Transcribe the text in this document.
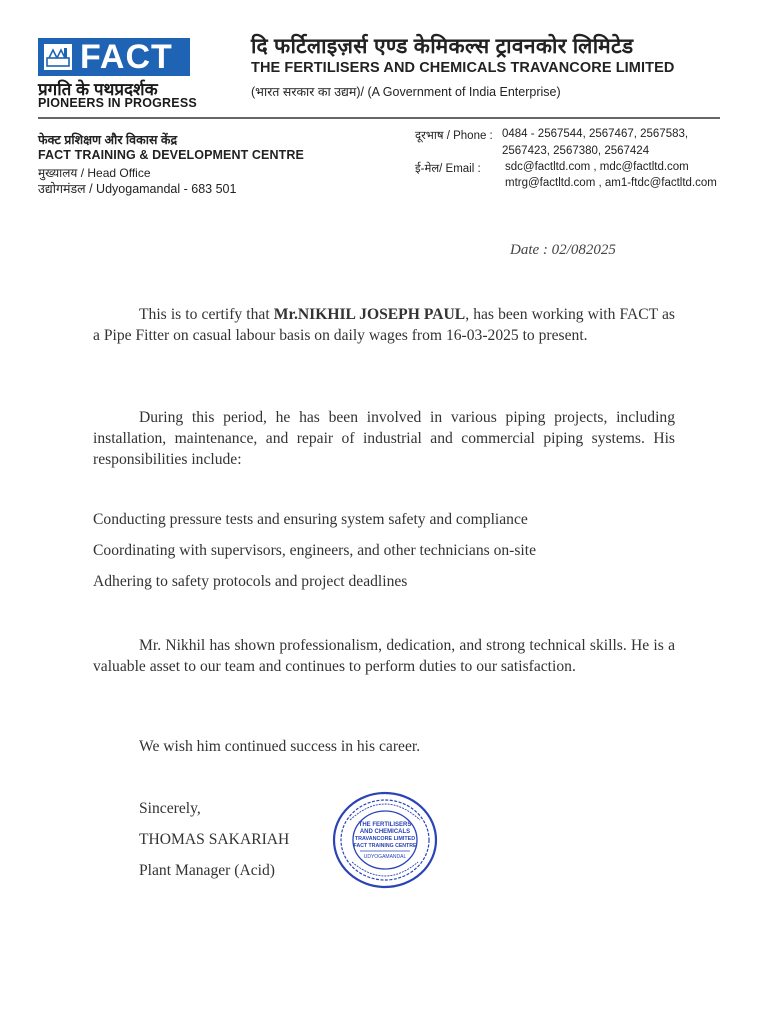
FACT
प्रगति के पथप्रदर्शक
PIONEERS IN PROGRESS
दि फर्टिलाइज़र्स एण्ड केमिकल्स ट्रावनकोर लिमिटेड
THE FERTILISERS AND CHEMICALS TRAVANCORE LIMITED
(भारत सरकार का उद्यम)/ (A Government of India Enterprise)
फेक्ट प्रशिक्षण और विकास केंद्र
FACT TRAINING & DEVELOPMENT CENTRE
मुख्यालय / Head Office
उद्योगमंडल / Udyogamandal - 683 501
दूरभाष / Phone : 0484 - 2567544, 2567467, 2567583,
2567423, 2567380, 2567424
ई-मेल/ Email : sdc@factltd.com , mdc@factltd.com
mtrg@factltd.com , am1-ftdc@factltd.com
Date : 02/082025
This is to certify that Mr.NIKHIL JOSEPH PAUL, has been working with FACT as a Pipe Fitter on casual labour basis on daily wages from 16-03-2025 to present.
During this period, he has been involved in various piping projects, including installation, maintenance, and repair of industrial and commercial piping systems. His responsibilities include:
Conducting pressure tests and ensuring system safety and compliance
Coordinating with supervisors, engineers, and other technicians on-site
Adhering to safety protocols and project deadlines
Mr. Nikhil has shown professionalism, dedication, and strong technical skills. He is a valuable asset to our team and continues to perform duties to our satisfaction.
We wish him continued success in his career.
Sincerely,
THOMAS SAKARIAH
Plant Manager (Acid)
THE FERTILISERS
AND CHEMICALS
TRAVANCORE LIMITED
FACT TRAINING CENTRE
UDYOGAMANDAL
